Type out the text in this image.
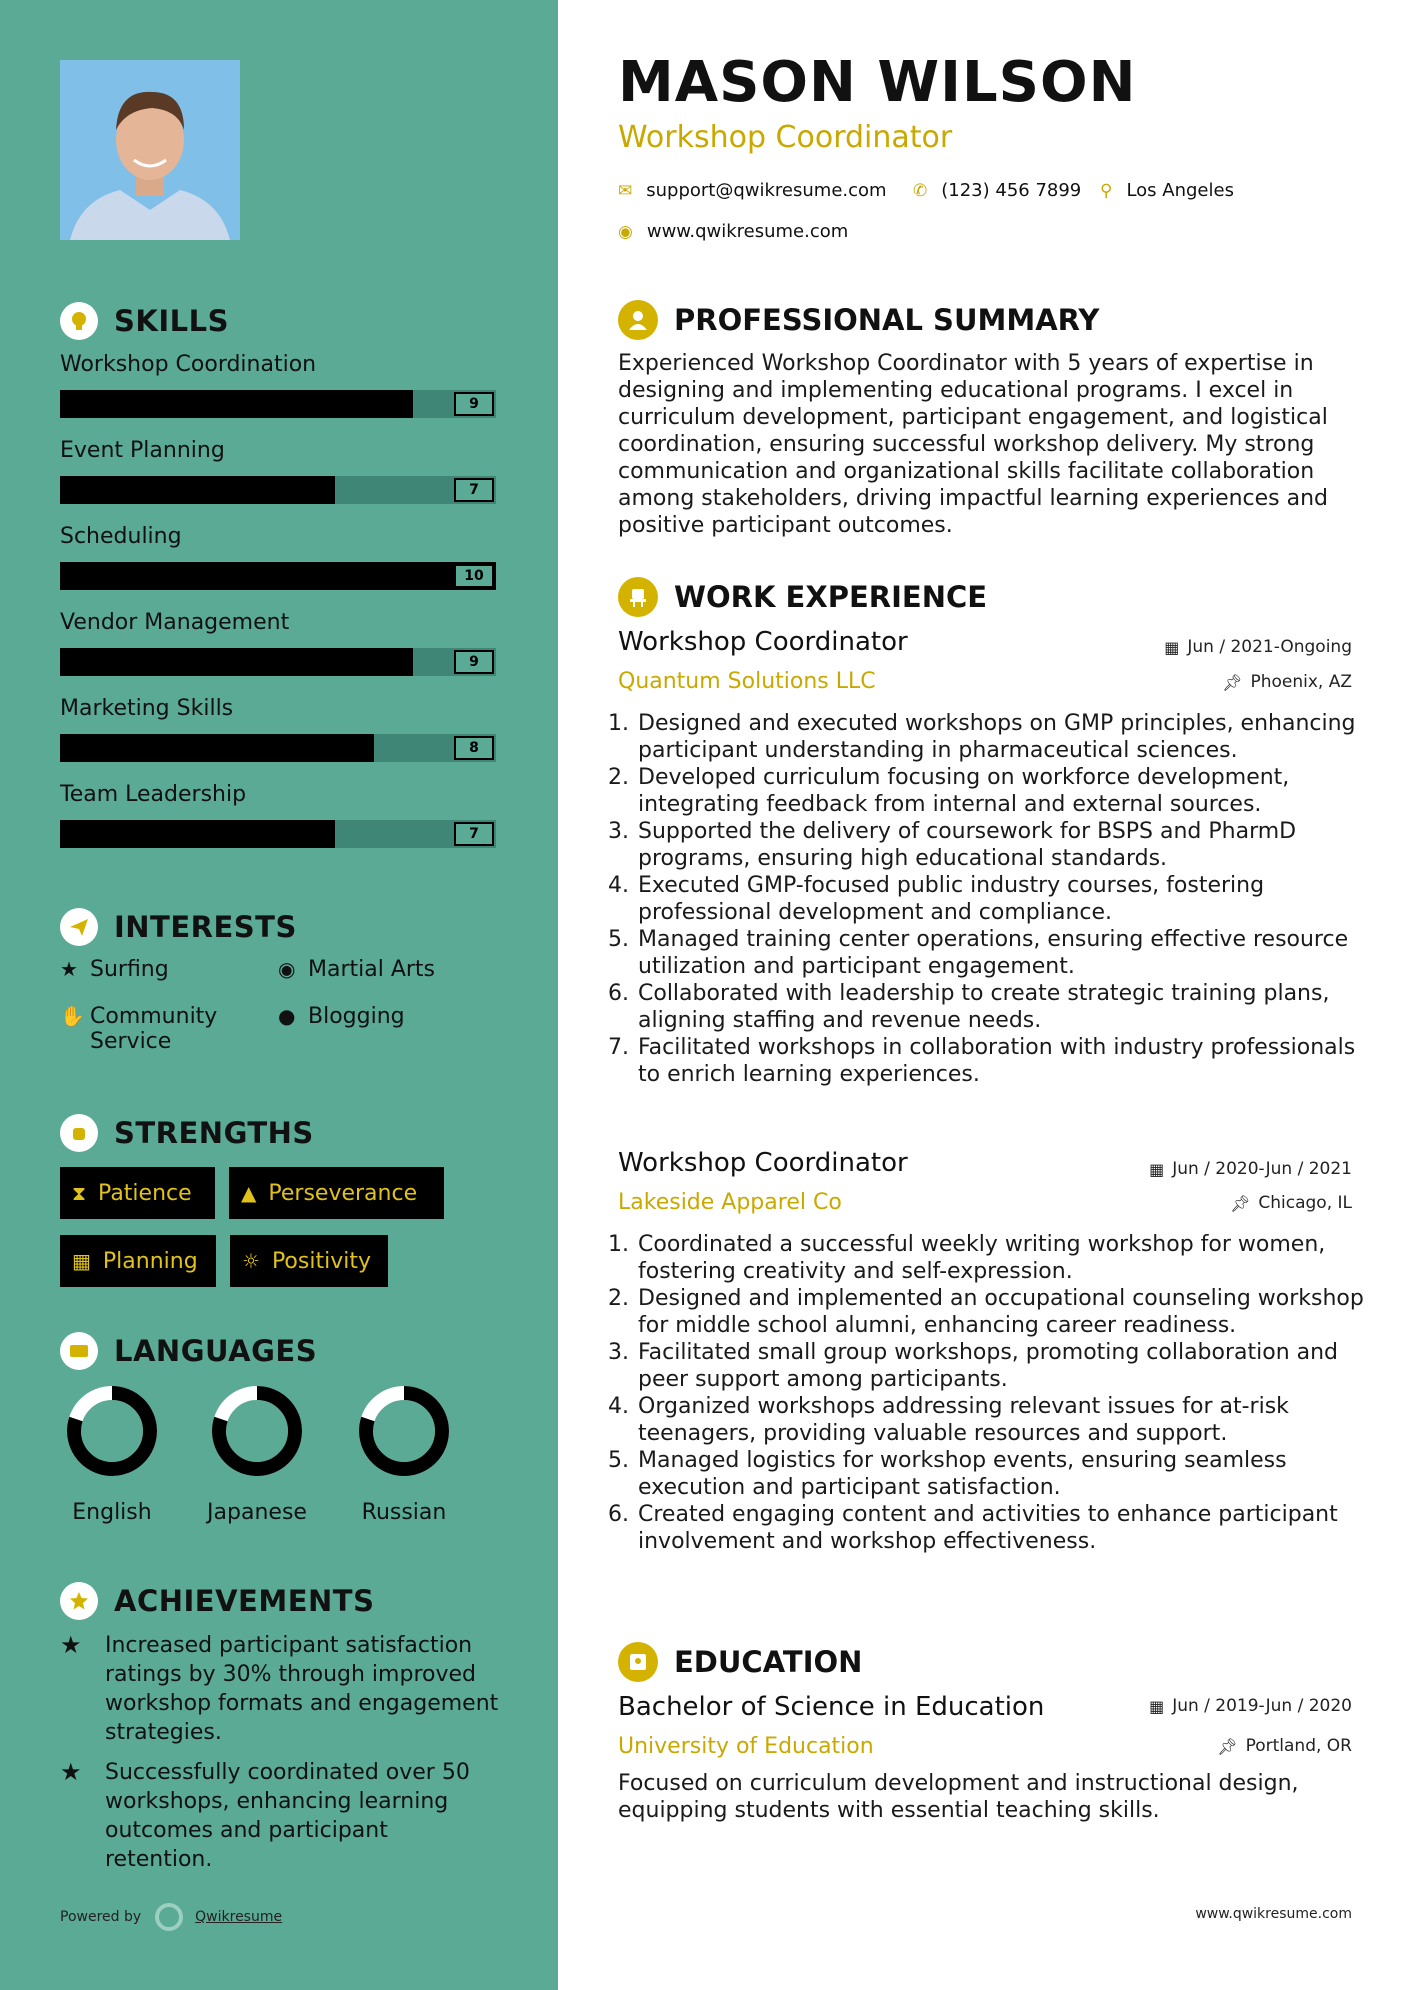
SKILLS
Workshop Coordination
9
Event Planning
7
Scheduling
10
Vendor Management
9
Marketing Skills
8
Team Leadership
7
INTERESTS
★ Surfing	◉ Martial Arts
✋ Community Service
● Blogging
STRENGTHS
⧗ Patience ▲ Perseverance
▦ Planning ☼ Positivity
LANGUAGES
English	Japanese	Russian
ACHIEVEMENTS
★	Increased participant satisfaction ratings by 30% through improved workshop formats and engagement strategies.
★	Successfully coordinated over 50 workshops, enhancing learning outcomes and participant retention.
Powered by	Qwikresume
MASON WILSON
Workshop Coordinator
✉ support@qwikresume.com ✆ (123) 456 7899 ⚲ Los Angeles
◉ www.qwikresume.com
PROFESSIONAL SUMMARY
Experienced Workshop Coordinator with 5 years of expertise in designing and implementing educational programs. I excel in curriculum development, participant engagement, and logistical coordination, ensuring successful workshop delivery. My strong communication and organizational skills facilitate collaboration among stakeholders, driving impactful learning experiences and positive participant outcomes.
WORK EXPERIENCE
Workshop Coordinator	▦ Jun / 2021-Ongoing
Quantum Solutions LLC	📌︎ Phoenix, AZ
1. Designed and executed workshops on GMP principles, enhancing participant understanding in pharmaceutical sciences.
2. Developed curriculum focusing on workforce development, integrating feedback from internal and external sources.
3. Supported the delivery of coursework for BSPS and PharmD programs, ensuring high educational standards.
4. Executed GMP-focused public industry courses, fostering professional development and compliance.
5. Managed training center operations, ensuring effective resource utilization and participant engagement.
6. Collaborated with leadership to create strategic training plans, aligning staffing and revenue needs.
7. Facilitated workshops in collaboration with industry professionals to enrich learning experiences.
Workshop Coordinator	▦ Jun / 2020-Jun / 2021
Lakeside Apparel Co	📌︎ Chicago, IL
1. Coordinated a successful weekly writing workshop for women, fostering creativity and self-expression.
2. Designed and implemented an occupational counseling workshop for middle school alumni, enhancing career readiness.
3. Facilitated small group workshops, promoting collaboration and peer support among participants.
4. Organized workshops addressing relevant issues for at-risk teenagers, providing valuable resources and support.
5. Managed logistics for workshop events, ensuring seamless execution and participant satisfaction.
6. Created engaging content and activities to enhance participant involvement and workshop effectiveness.
EDUCATION
Bachelor of Science in Education	▦ Jun / 2019-Jun / 2020
University of Education	📌︎ Portland, OR
Focused on curriculum development and instructional design, equipping students with essential teaching skills.
www.qwikresume.com
